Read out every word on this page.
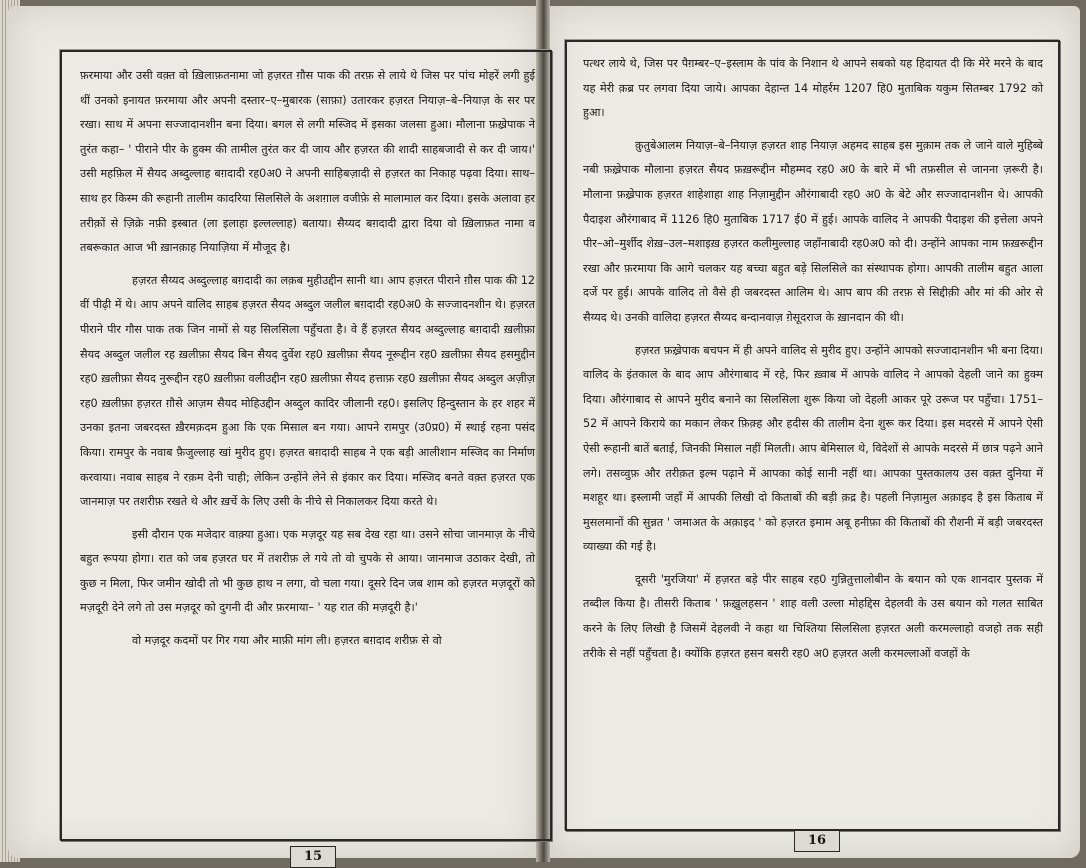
फ़रमाया और उसी वक़्त वो ख़िलाफ़तनामा जो हज़रत ग़ौस पाक की तरफ़ से लाये थे जिस पर पांच मोहरें लगी हुई थीं उनको इनायत फ़रमाया और अपनी दस्तार–ए–मुबारक (साफ़ा) उतारकर हज़रत नियाज़–बे–नियाज़ के सर पर रखा। साथ में अपना सज्जादानशीन बना दिया। बगल से लगी मस्जिद में इसका जलसा हुआ। मौलाना फ़ख़्रेपाक ने तुरंत कहा– ' पीराने पीर के हुक्म की तामील तुरंत कर दी जाय और हज़रत की शादी साहबजादी से कर दी जाय।' उसी महफ़िल में सैयद अब्दुल्लाह बग़दादी रह0अ0 ने अपनी साहिबज़ादी से हज़रत का निकाह पढ़वा दिया। साथ–साथ हर किस्म की रूहानी तालीम कादरिया सिलसिले के अशग़ाल वजीफ़े से मालामाल कर दिया। इसके अलावा हर तरीक़ों से ज़िक्रे नफ़ी इस्बात (ला इलाहा इल्लल्लाह) बताया। सैय्यद बग़दादी द्वारा दिया वो ख़िलाफ़त नामा व तबरूकात आज भी ख़ानक़ाह नियाज़िया में मौजूद है।

हज़रत सैय्यद अब्दुल्लाह बग़दादी का लक़ब मुहीउद्दीन सानी था। आप हज़रत पीराने ग़ौस पाक की 12 वीं पीढ़ी में थे। आप अपने वालिद साहब हज़रत सैयद अब्दुल जलील बग़दादी रह0अ0 के सज्जादनशीन थे। हज़रत पीराने पीर गौस पाक तक जिन नामों से यह सिलसिला पहुँचता है। वे हैं हज़रत सैयद अब्दुल्लाह बग़दादी ख़लीफ़ा सैयद अब्दुल जलील रह ख़लीफ़ा सैयद बिन सैयद दुर्वेश रह0 ख़लीफ़ा सैयद नूरूद्दीन रह0 ख़लीफ़ा सैयद हसमुद्दीन रह0 ख़लीफ़ा सैयद नुरूद्दीन रह0 ख़लीफ़ा वलीउद्दीन रह0 ख़लीफ़ा सैयद हत्ताफ़ रह0 ख़लीफ़ा सैयद अब्दुल अज़ीज़ रह0 ख़लीफ़ा हज़रत ग़ौसे आज़म सैयद मोहिउद्दीन अब्दुल कादिर जीलानी रह0। इसलिए हिन्दुस्तान के हर शहर में उनका इतना जबरदस्त ख़ैरमक़दम हुआ कि एक मिसाल बन गया। आपने रामपुर (उ0प्र0) में स्थाई रहना पसंद किया। रामपुर के नवाब फ़ैजुल्लाह खां मुरीद हुए। हज़रत बग़दादी साहब ने एक बड़ी आलीशान मस्जिद का निर्माण करवाया। नवाब साहब ने रक़म देनी चाही; लेकिन उन्होंने लेने से इंकार कर दिया। मस्जिद बनते वक़्त हज़रत एक जानमाज़ पर तशरीफ़ रखते थे और ख़र्चे के लिए उसी के नीचे से निकालकर दिया करते थे।

इसी दौरान एक मजेदार वाक़्या हुआ। एक मज़दूर यह सब देख रहा था। उसने सोचा जानमाज़ के नीचे बहुत रूपया होगा। रात को जब हज़रत घर में तशरीफ़ ले गये तो वो चुपके से आया। जानमाज उठाकर देखी, तो कुछ न मिला, फिर जमीन खोदी तो भी कुछ हाथ न लगा, वो चला गया। दूसरे दिन जब शाम को हज़रत मज़दूरों को मज़दूरी देने लगे तो उस मज़दूर को दुगनी दी और फ़रमाया– ' यह रात की मज़दूरी है।'

वो मज़दूर कदमों पर गिर गया और माफ़ी मांग ली। हज़रत बग़दाद शरीफ़ से वो

पत्थर लाये थे, जिस पर पैग़म्बर–ए–इस्लाम के पांव के निशान थे आपने सबको यह हिदायत दी कि मेरे मरने के बाद यह मेरी क़ब्र पर लगवा दिया जाये। आपका देहान्त 14 मोहर्रम 1207 हि0 मुताबिक यकुम सितम्बर 1792 को हुआ।

क़ुतुबेआलम नियाज़–बे–नियाज़ हज़रत शाह नियाज़ अहमद साहब इस मुक़ाम तक ले जाने वाले मुहिब्बे नबी फ़ख़्रेपाक मौलाना हज़रत सैयद फ़ख़रूद्दीन मौहम्मद रह0 अ0 के बारे में भी तफ़सील से जानना ज़रूरी है। मौलाना फ़ख़्रेपाक हज़रत शाहेशाहा शाह निज़ामुद्दीन औरंगाबादी रह0 अ0 के बेटे और सज्जादानशीन थे। आपकी पैदाइश औरंगाबाद में 1126 हि0 मुताबिक 1717 ई0 में हुई। आपके वालिद ने आपकी पैदाइश की इत्तेला अपने पीर–ओ–मुर्शीद शेख़–उल–मशाइख़ हज़रत कलीमुल्लाह जहाँनाबादी रह0अ0 को दी। उन्होंने आपका नाम फ़ख़रूद्दीन रखा और फ़रमाया कि आगे चलकर यह बच्चा बहुत बड़े सिलसिले का संस्थापक होगा। आपकी तालीम बहुत आला दर्जे पर हुई। आपके वालिद तो वैसे ही जबरदस्त आलिम थे। आप बाप की तरफ़ से सिद्दीक़ी और मां की ओर से सैय्यद थे। उनकी वालिदा हज़रत सैय्यद बन्दानवाज़ ग़ेसूदराज के ख़ानदान की थी।

हज़रत फ़ख़्रेपाक बचपन में ही अपने वालिद से मुरीद हुए। उन्होंने आपको सज्जादानशीन भी बना दिया। वालिद के इंतकाल के बाद आप औरंगाबाद में रहे, फिर ख़्वाब में आपके वालिद ने आपको देहली जाने का हुक्म दिया। औरंगाबाद से आपने मुरीद बनाने का सिलसिला शुरू किया जो देहली आकर पूरे उरूज पर पहुँचा। 1751–52 में आपने किराये का मकान लेकर फ़िक़्ह और हदीस की तालीम देना शुरू कर दिया। इस मदरसे में आपने ऐसी ऐसी रूहानी बातें बताई, जिनकी मिसाल नहीं मिलती। आप बेमिसाल थे, विदेशों से आपके मदरसे में छात्र पढ़ने आने लगे। तसव्वुफ़ और तरीक़त इल्म पढ़ाने में आपका कोई सानी नहीं था। आपका पुस्तकालय उस वक़्त दुनिया में मशहूर था। इस्लामी जहाँ में आपकी लिखी दो किताबों की बड़ी क़द्र है। पहली निज़ामुल अक़ाइद है इस किताब में मुसलमानों की सुन्नत ' जमाअत के अक़ाइद ' को हज़रत इमाम अबू हनीफ़ा की किताबों की रौशनी में बड़ी जबरदस्त व्याख्या की गई है।

दूसरी 'मुरजिया' में हज़रत बड़े पीर साहब रह0 गुन्नितुत्तालोबीन के बयान को एक शानदार पुस्तक में तब्दील किया है। तीसरी किताब ' फ़ख़्रुलहसन ' शाह वली उल्ला मोहद्दिस देहलवी के उस बयान को गलत साबित करने के लिए लिखी है जिसमें देहलवी ने कहा था चिश्तिया सिलसिला हज़रत अली करमल्लाहो वजहो तक सही तरीके से नहीं पहुँचता है। क्योंकि हज़रत हसन बसरी रह0 अ0 हज़रत अली करमल्लाओं वजहों के

15
16
